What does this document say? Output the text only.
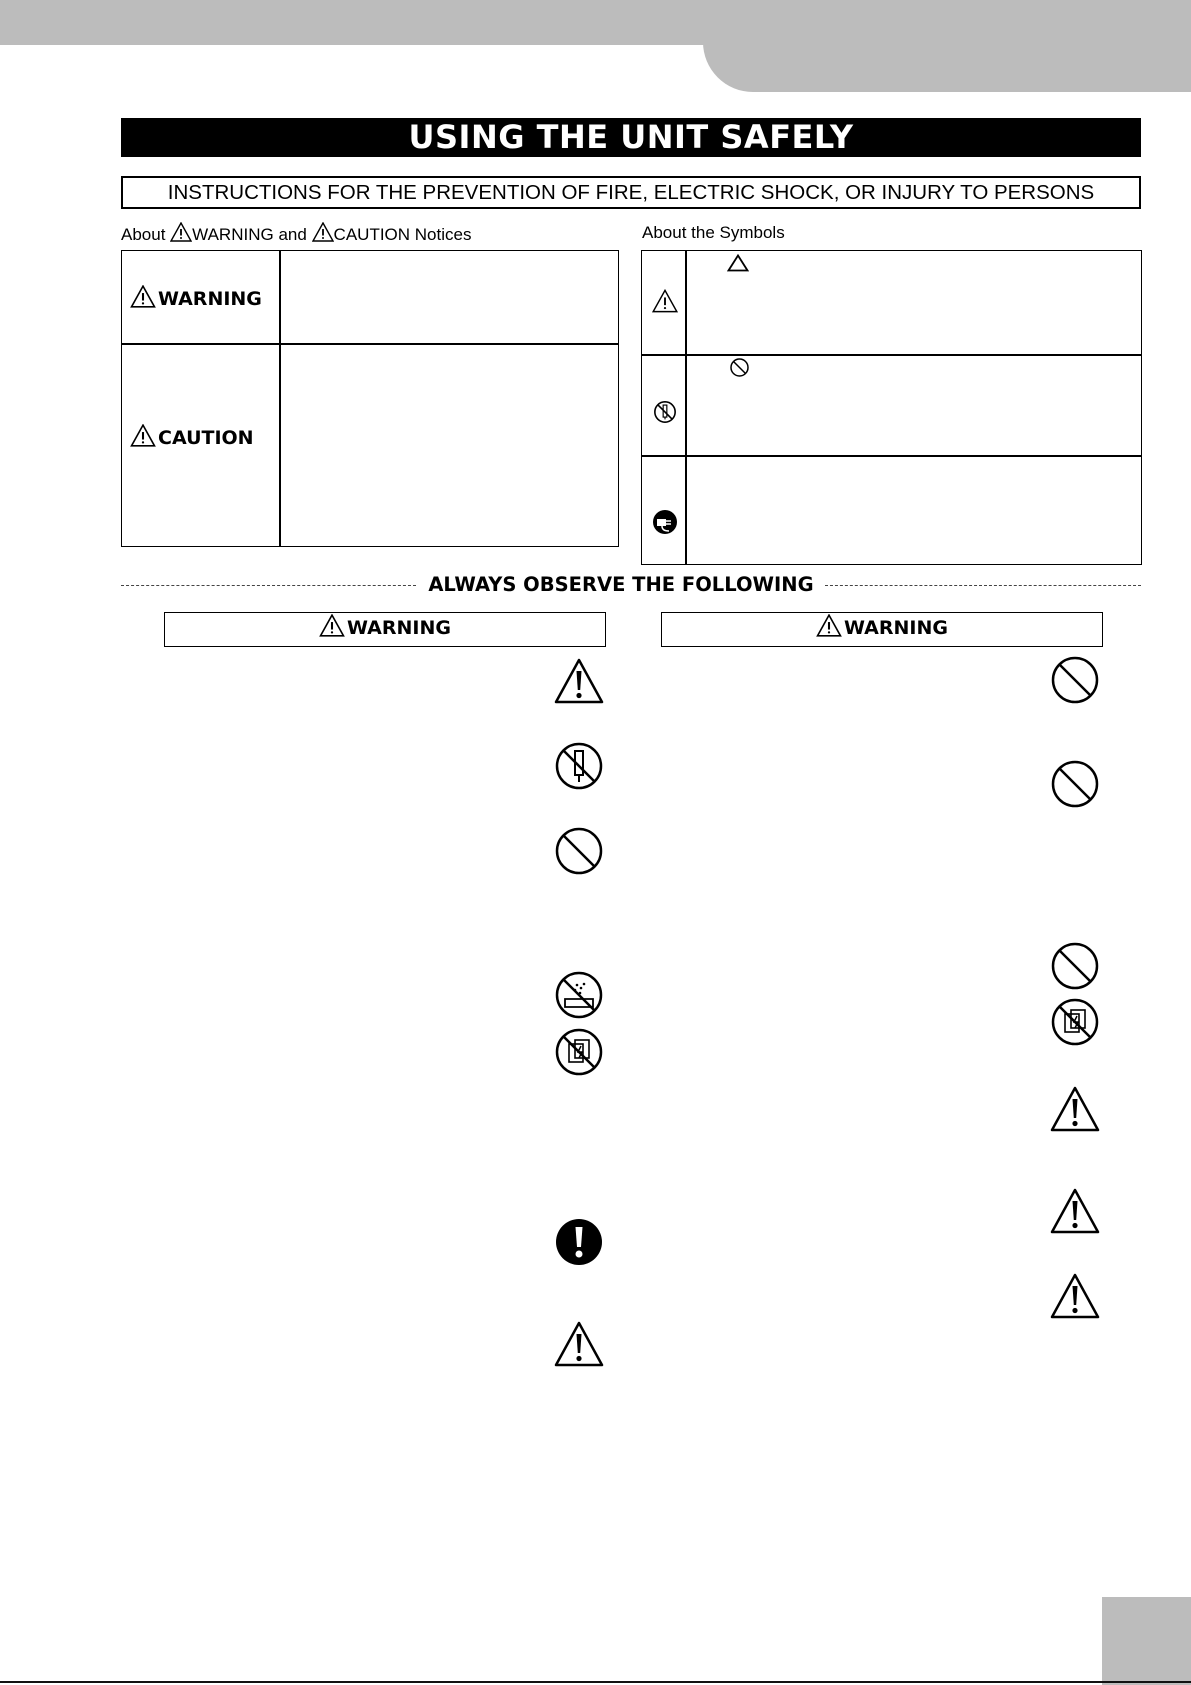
USING THE UNIT SAFELY
INSTRUCTIONS FOR THE PREVENTION OF FIRE, ELECTRIC SHOCK, OR INJURY TO PERSONS
About WARNING and CAUTION Notices	About the Symbols
WARNING
CAUTION
ALWAYS OBSERVE THE FOLLOWING
WARNING	WARNING
